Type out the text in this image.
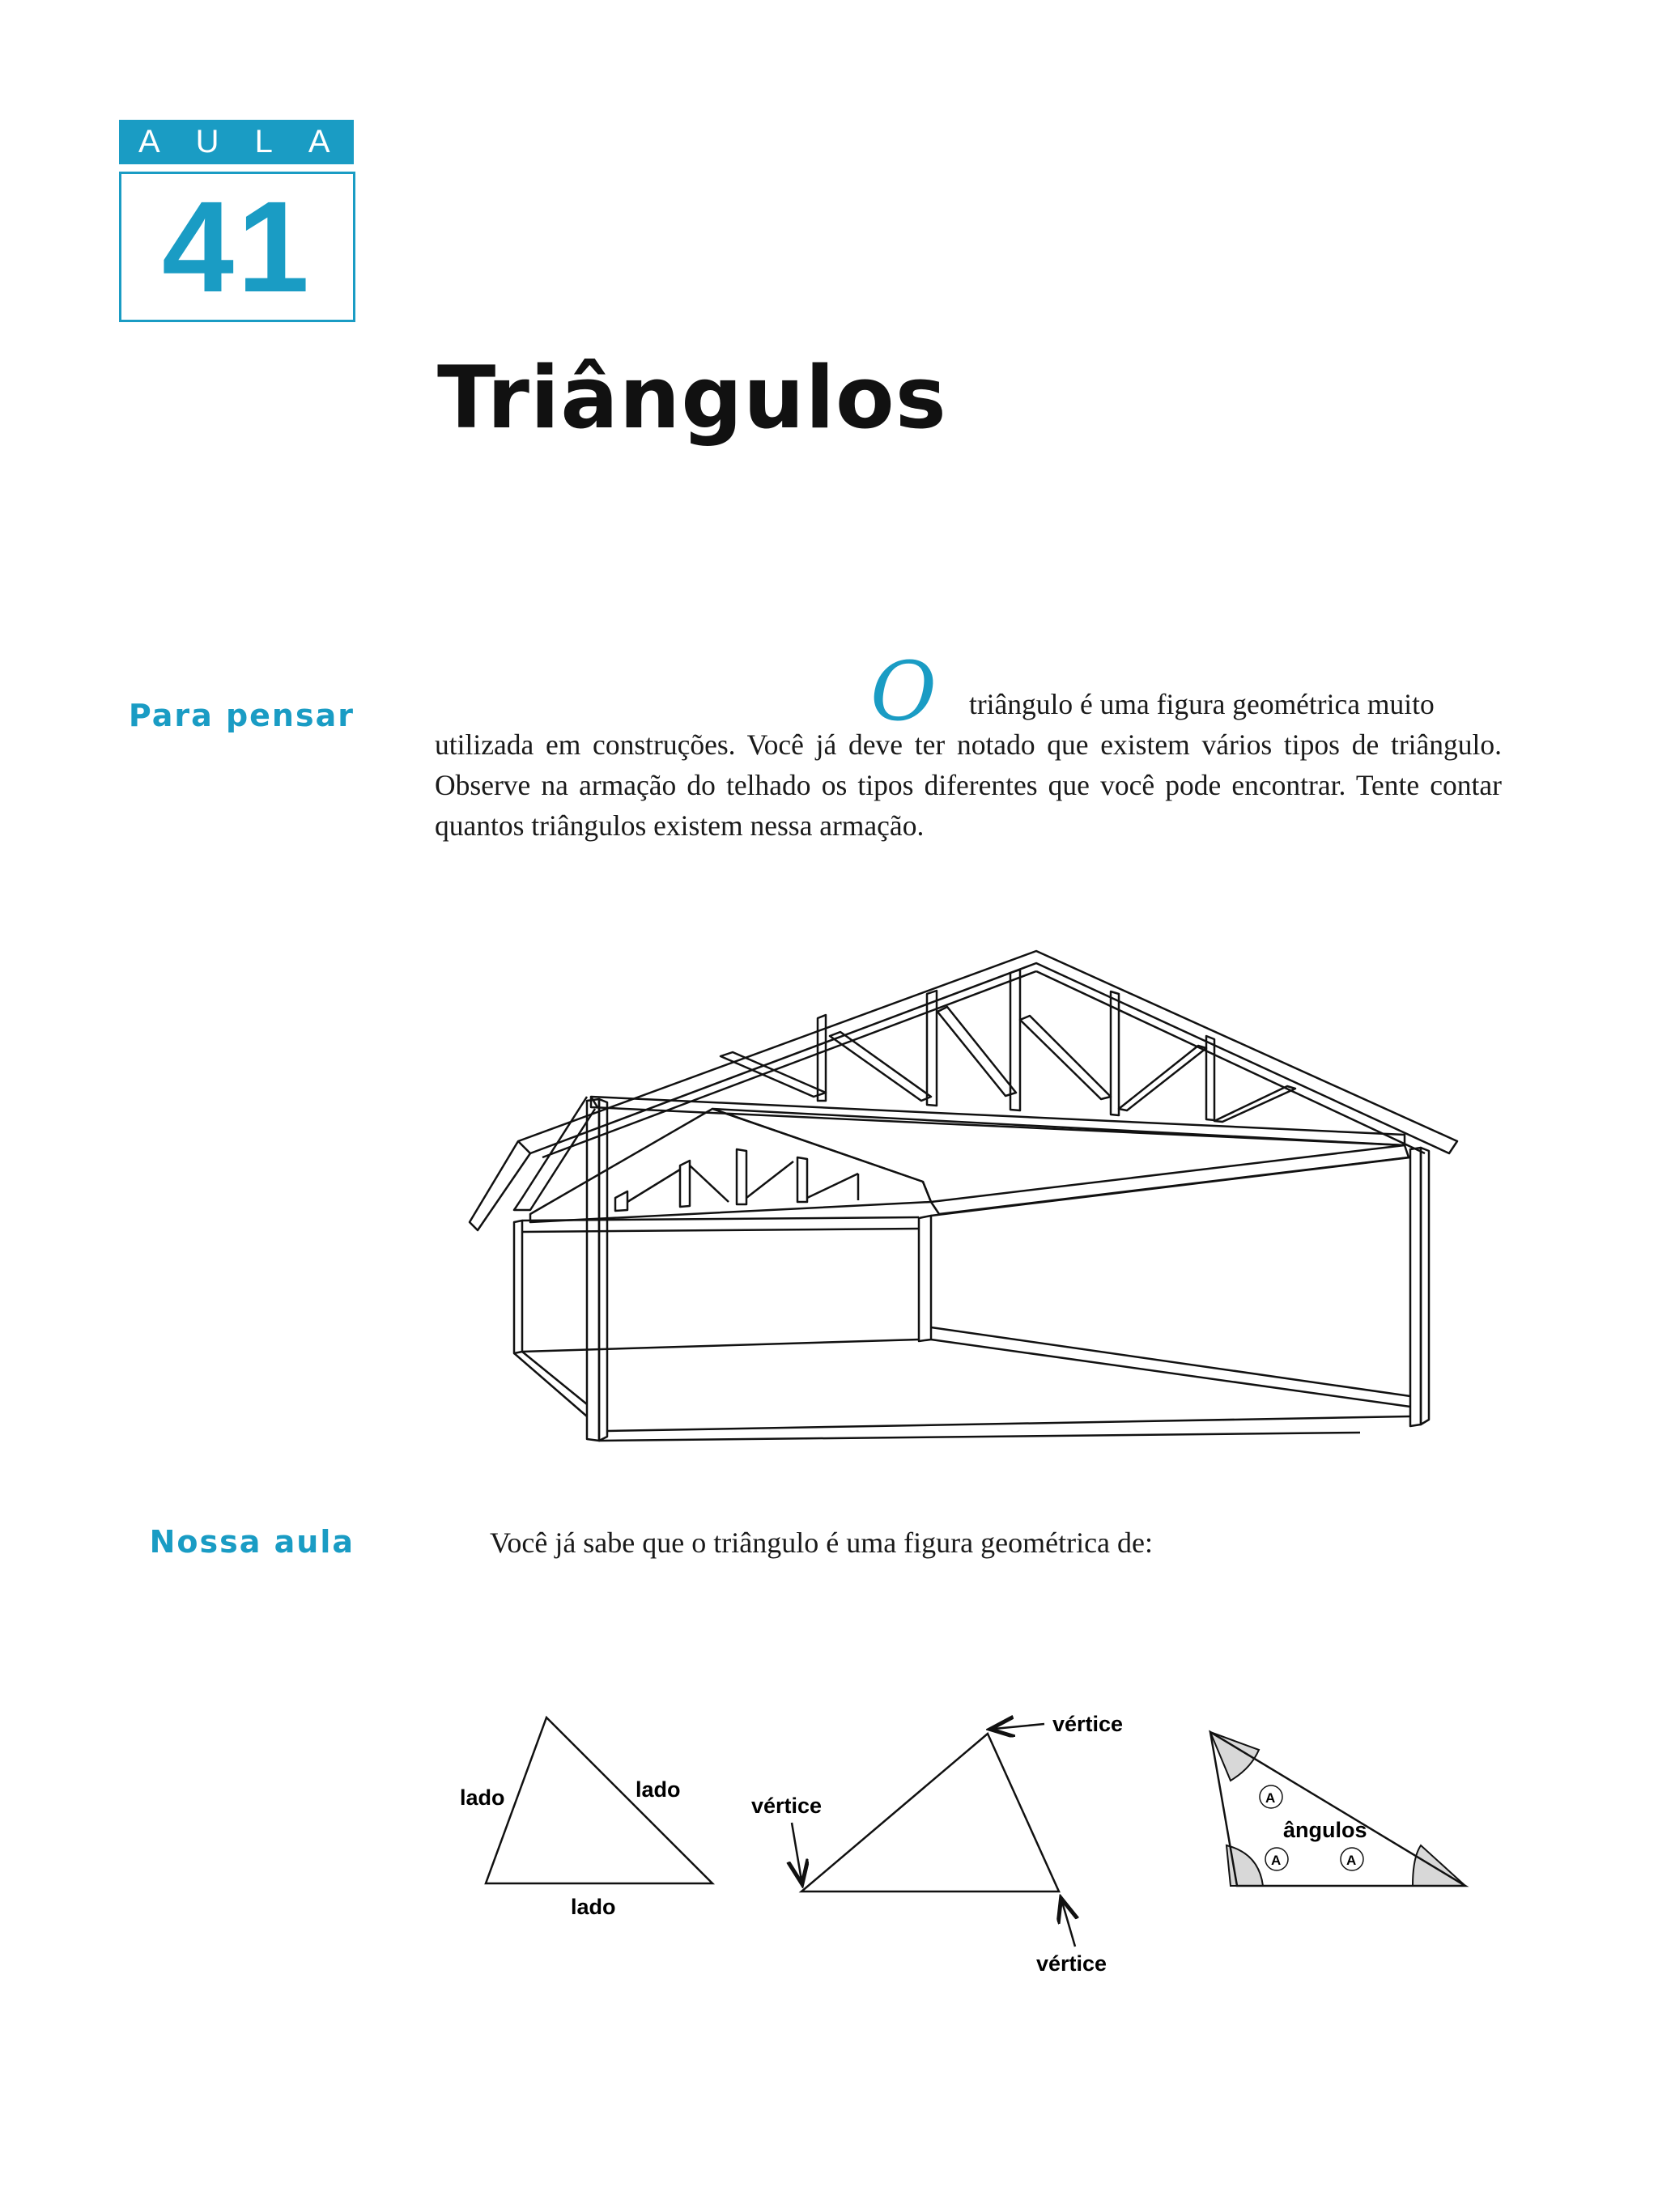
AULA
41
Triângulos
Para pensar	O	triângulo é uma figura geométrica muito
utilizada em construções. Você já deve ter notado que existem vários tipos de triângulo. Observe na armação do telhado os tipos diferentes que você pode encontrar. Tente contar quantos triângulos existem nessa armação.
Nossa aula	Você já sabe que o triângulo é uma figura geométrica de:
lado	lado
lado
vértice
vértice
vértice
A
A	A
ângulos
